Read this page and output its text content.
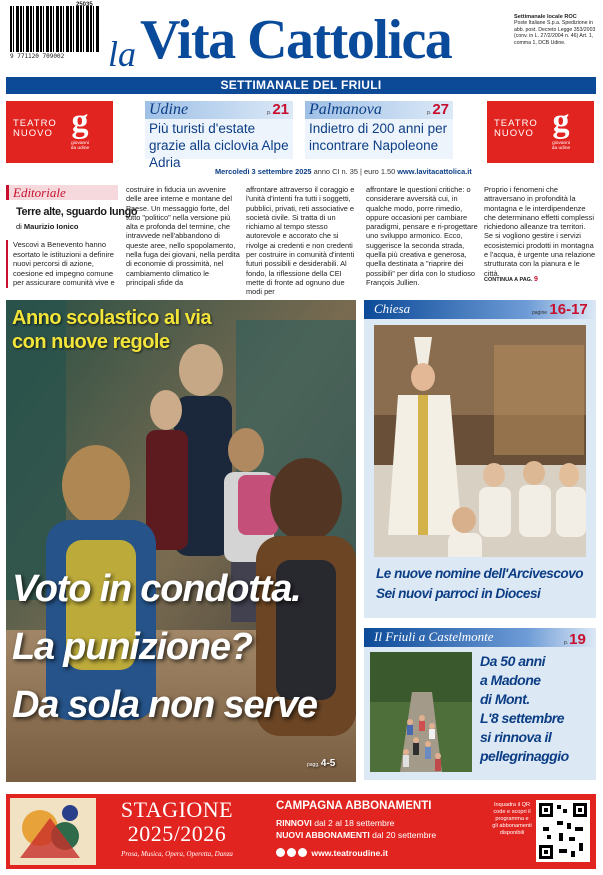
9 771120 709002
25035
la Vita Cattolica	Settimanale locale ROC
Poste Italiane S.p.a. Spedizione in abb. post. Decreto Legge 353/2003 (conv. in L. 27/2/2004 n. 46) Art. 1, comma 1, DCB Udine.
SETTIMANALE DEL FRIULI
TEATRO
NUOVO g
giovanni
da udine
Udine	p.21
Più turisti d'estate grazie alla ciclovia Alpe Adria
Palmanova	p.27
Indietro di 200 anni per incontrare Napoleone
TEATRO
NUOVO g
giovanni
da udine
Mercoledì 3 settembre 2025 anno CI n. 35 | euro 1.50 www.lavitacattolica.it
Editoriale
Terre alte, sguardo lungo
di Maurizio Ionico
Vescovi a Benevento hanno esortato le istituzioni a definire nuovi percorsi di azione, coesione ed impegno comune per assicurare comunità vive e
costruire in fiducia un avvenire delle aree interne e montane del Paese. Un messaggio forte, del tutto "politico" nella versione più alta e profonda del termine, che intravvede nell'abbandono di queste aree, nello spopolamento, nella fuga dei giovani, nella perdita di economie di prossimità, nel cambiamento climatico le principali sfide da
affrontare attraverso il coraggio e l'unità d'intenti fra tutti i soggetti, pubblici, privati, reti associative e società civile. Si tratta di un richiamo al tempo stesso autorevole e accorato che si rivolge ai credenti e non credenti per costruire in comunità d'intenti futuri possibili e desiderabili. Al fondo, la riflessione della CEI mette di fronte ad ognuno due modi per
affrontare le questioni critiche: o considerare avversità cui, in qualche modo, porre rimedio, oppure occasioni per cambiare paradigmi, pensare e ri-progettare uno sviluppo armonico. Ecco, suggerisce la seconda strada, quella più creativa e generosa, quella destinata a "riaprire dei possibili" per dirla con lo studioso François Jullien.
Proprio i fenomeni che attraversano in profondità la montagna e le interdipendenze che determinano effetti complessi richiedono alleanze tra territori. Se si vogliono gestire i servizi ecosistemici prodotti in montagna e l'acqua, è urgente una relazione strutturata con la pianura e le città.
CONTINUA A PAG. 9
Anno scolastico al via
con nuove regole
Voto in condotta.
La punizione?
Da sola non serve
pagg. 4-5
Chiesa	pagine 16-17
Le nuove nomine dell'Arcivescovo
Sei nuovi parroci in Diocesi
Il Friuli a Castelmonte	p.19
Da 50 anni
a Madone
di Mont.
L'8 settembre
si rinnova il
pellegrinaggio
STAGIONE
2025/2026
Prosa, Musica, Opera, Operetta, Danza
CAMPAGNA ABBONAMENTI
RINNOVI dal 2 al 18 settembre
NUOVI ABBONAMENTI dal 20 settembre
www.teatroudine.it
Inquadra il QR code e scopri il programma e gli abbonamenti disponibili
